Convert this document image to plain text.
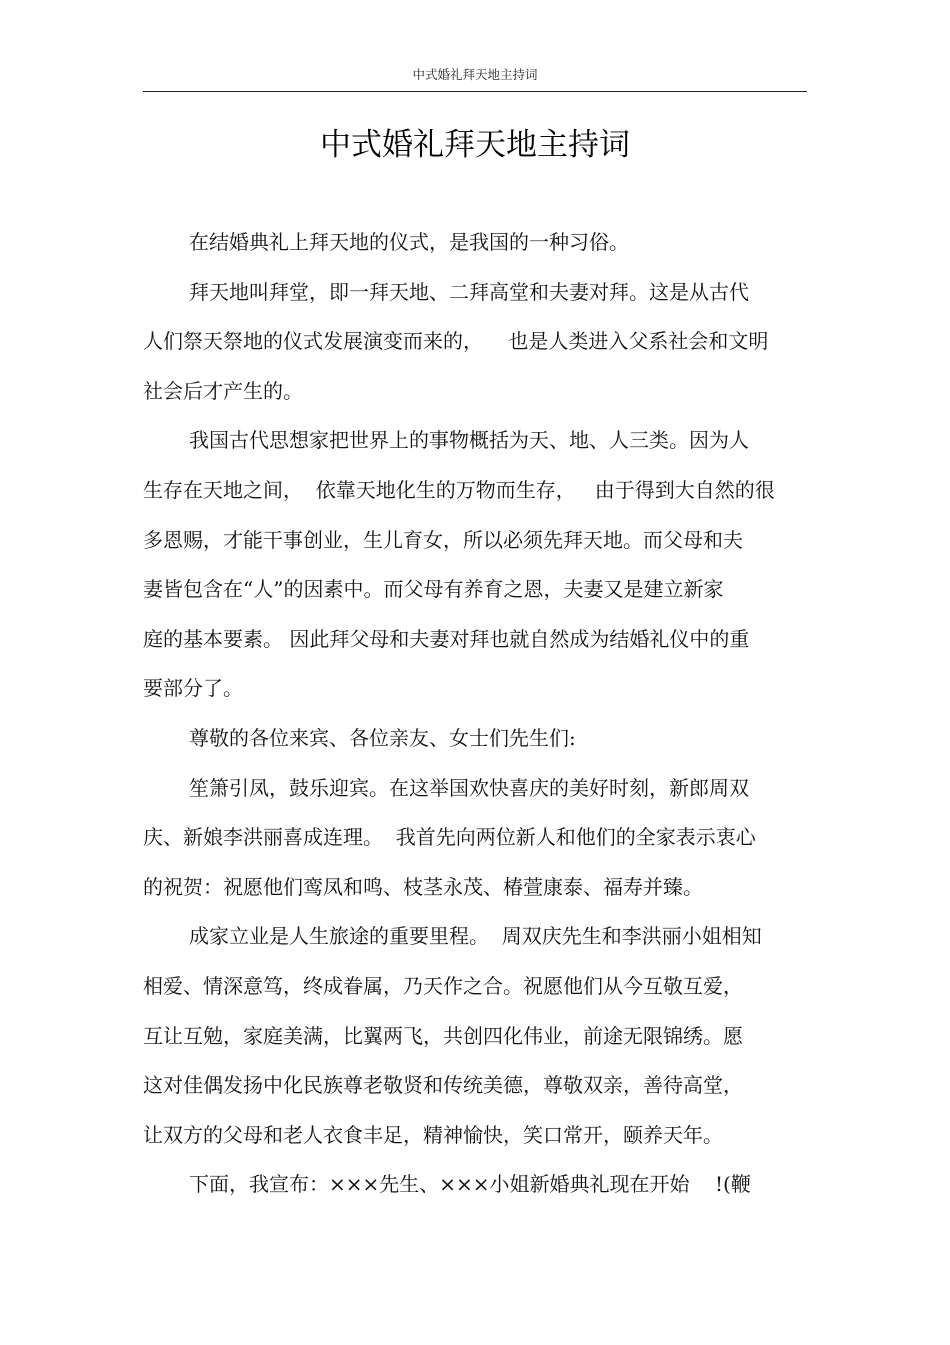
中式婚礼拜天地主持词
中式婚礼拜天地主持词
在结婚典礼上拜天地的仪式，是我国的一种习俗。
拜天地叫拜堂，即一拜天地、二拜高堂和夫妻对拜。这是从古代
人们祭天祭地的仪式发展演变而来的，    也是人类进入父系社会和文明
社会后才产生的。
我国古代思想家把世界上的事物概括为天、地、人三类。因为人
生存在天地之间，  依靠天地化生的万物而生存，   由于得到大自然的很
多恩赐，才能干事创业，生儿育女，所以必须先拜天地。而父母和夫
妻皆包含在“人”的因素中。而父母有养育之恩，夫妻又是建立新家
庭的基本要素。 因此拜父母和夫妻对拜也就自然成为结婚礼仪中的重
要部分了。
尊敬的各位来宾、各位亲友、女士们先生们:
笙箫引凤，鼓乐迎宾。在这举国欢快喜庆的美好时刻，新郎周双
庆、新娘李洪丽喜成连理。  我首先向两位新人和他们的全家表示衷心
的祝贺：祝愿他们鸾凤和鸣、枝茎永茂、椿萱康泰、福寿并臻。
成家立业是人生旅途的重要里程。  周双庆先生和李洪丽小姐相知
相爱、情深意笃，终成眷属，乃天作之合。祝愿他们从今互敬互爱，
互让互勉，家庭美满，比翼两飞，共创四化伟业，前途无限锦绣。愿
这对佳偶发扬中化民族尊老敬贤和传统美德，尊敬双亲，善待高堂，
让双方的父母和老人衣食丰足，精神愉快，笑口常开，颐养天年。
下面，我宣布：×××先生、×××小姐新婚典礼现在开始    !(鞭
